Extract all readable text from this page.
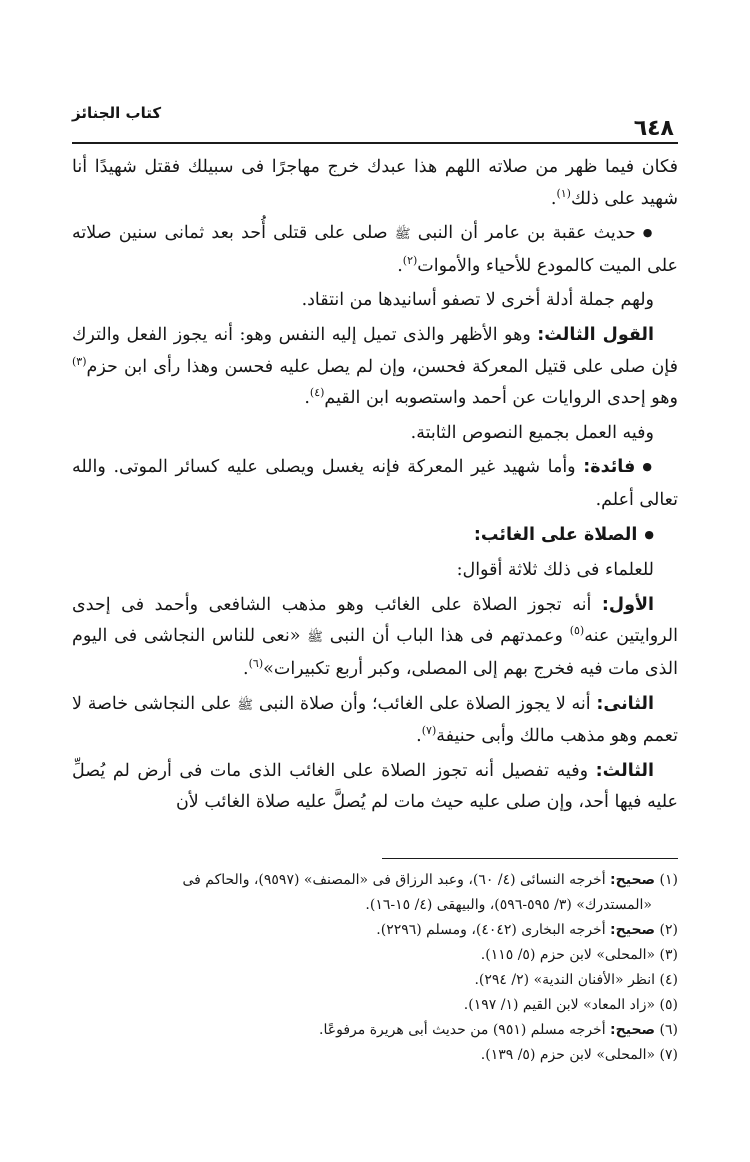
كتاب الجنائز
٦٤٨

فكان فيما ظهر من صلاته اللهم هذا عبدك خرج مهاجرًا فى سبيلك فقتل شهيدًا أنا شهيد على ذلك$^{(١)}$.

● حديث عقبة بن عامر أن النبى ﷺ صلى على قتلى أُحد بعد ثمانى سنين صلاته على الميت كالمودع للأحياء والأموات$^{(٢)}$.

ولهم جملة أدلة أخرى لا تصفو أسانيدها من انتقاد.

القول الثالث: وهو الأظهر والذى تميل إليه النفس وهو: أنه يجوز الفعل والترك فإن صلى على قتيل المعركة فحسن، وإن لم يصل عليه فحسن وهذا رأى ابن حزم$^{(٣)}$ وهو إحدى الروايات عن أحمد واستصوبه ابن القيم$^{(٤)}$.

وفيه العمل بجميع النصوص الثابتة.

● فائدة: وأما شهيد غير المعركة فإنه يغسل ويصلى عليه كسائر الموتى. والله تعالى أعلم.

● الصلاة على الغائب:

للعلماء فى ذلك ثلاثة أقوال:

الأول: أنه تجوز الصلاة على الغائب وهو مذهب الشافعى وأحمد فى إحدى الروايتين عنه$^{(٥)}$ وعمدتهم فى هذا الباب أن النبى ﷺ «نعى للناس النجاشى فى اليوم الذى مات فيه فخرج بهم إلى المصلى، وكبر أربع تكبيرات»$^{(٦)}$.

الثانى: أنه لا يجوز الصلاة على الغائب؛ وأن صلاة النبى ﷺ على النجاشى خاصة لا تعمم وهو مذهب مالك وأبى حنيفة$^{(٧)}$.

الثالث: وفيه تفصيل أنه تجوز الصلاة على الغائب الذى مات فى أرض لم يُصلِّ عليه فيها أحد، وإن صلى عليه حيث مات لم يُصلَّ عليه صلاة الغائب لأن

(١) صحيح: أخرجه النسائى (٤/ ٦٠)، وعبد الرزاق فى «المصنف» (٩٥٩٧)، والحاكم فى

«المستدرك» (٣/ ٥٩٥-٥٩٦)، والبيهقى (٤/ ١٥-١٦).

(٢) صحيح: أخرجه البخارى (٤٠٤٢)، ومسلم (٢٢٩٦).

(٣) «المحلى» لابن حزم (٥/ ١١٥).

(٤) انظر «الأفنان الندية» (٢/ ٢٩٤).

(٥) «زاد المعاد» لابن القيم (١/ ١٩٧).

(٦) صحيح: أخرجه مسلم (٩٥١) من حديث أبى هريرة مرفوعًا.

(٧) «المحلى» لابن حزم (٥/ ١٣٩).
